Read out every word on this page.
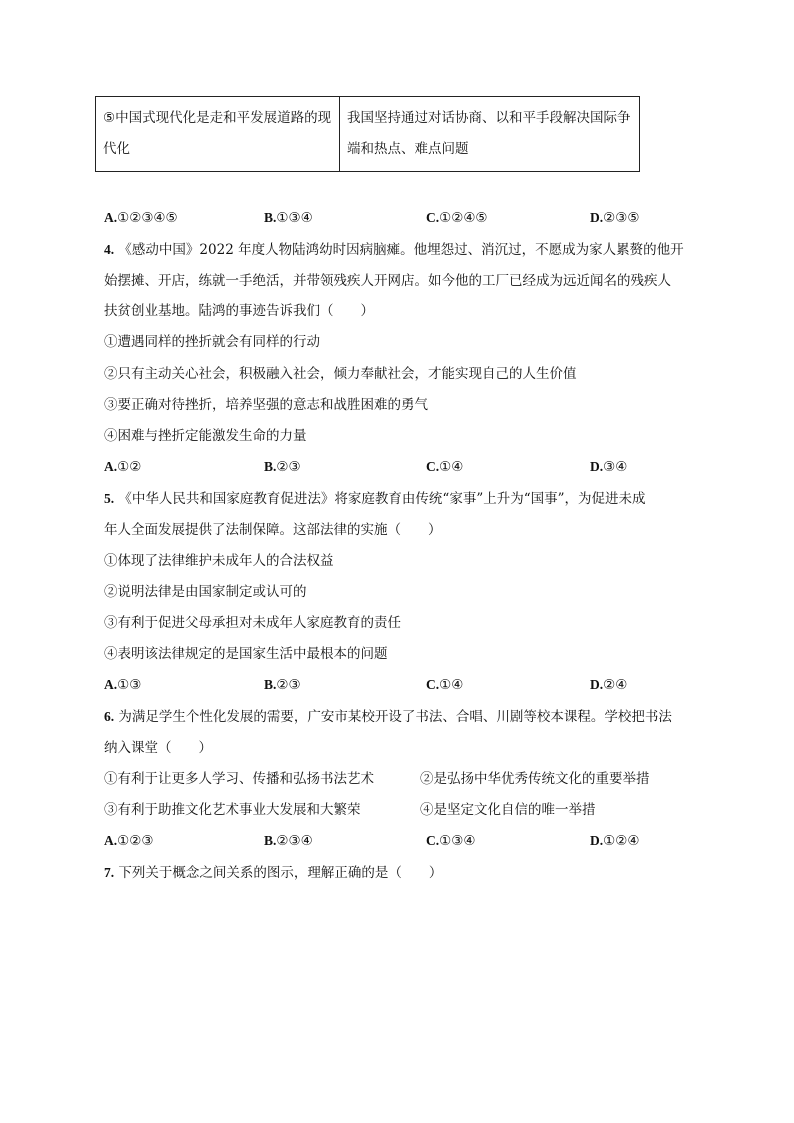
⑤中国式现代化是走和平发展道路的现代化	我国坚持通过对话协商、以和平手段解决国际争端和热点、难点问题
A.①②③④⑤	B.①③④	C.①②④⑤	D.②③⑤
4. 《感动中国》2022 年度人物陆鸿幼时因病脑瘫。他埋怨过、消沉过，不愿成为家人累赘的他开
始摆摊、开店，练就一手绝活，并带领残疾人开网店。如今他的工厂已经成为远近闻名的残疾人
扶贫创业基地。陆鸿的事迹告诉我们（　　）
①遭遇同样的挫折就会有同样的行动
②只有主动关心社会，积极融入社会，倾力奉献社会，才能实现自己的人生价值
③要正确对待挫折，培养坚强的意志和战胜困难的勇气
④困难与挫折定能激发生命的力量
A.①②	B.②③	C.①④	D.③④
5. 《中华人民共和国家庭教育促进法》将家庭教育由传统“家事”上升为“国事”，为促进未成
年人全面发展提供了法制保障。这部法律的实施（　　）
①体现了法律维护未成年人的合法权益
②说明法律是由国家制定或认可的
③有利于促进父母承担对未成年人家庭教育的责任
④表明该法律规定的是国家生活中最根本的问题
A.①③	B.②③	C.①④	D.②④
6. 为满足学生个性化发展的需要，广安市某校开设了书法、合唱、川剧等校本课程。学校把书法
纳入课堂（　　）
①有利于让更多人学习、传播和弘扬书法艺术	②是弘扬中华优秀传统文化的重要举措
③有利于助推文化艺术事业大发展和大繁荣	④是坚定文化自信的唯一举措
A.①②③	B.②③④	C.①③④	D.①②④
7. 下列关于概念之间关系的图示，理解正确的是（　　）
